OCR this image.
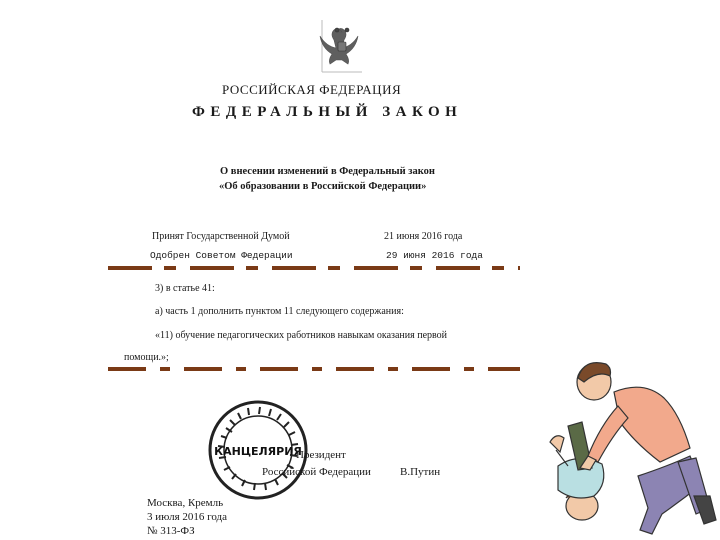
РОССИЙСКАЯ ФЕДЕРАЦИЯ
ФЕДЕРАЛЬНЫЙ ЗАКОН
О внесении изменений в Федеральный закон
«Об образовании в Российской Федерации»
Принят Государственной Думой	21 июня 2016 года
Одобрен Советом Федерации	29 июня 2016 года
3) в статье 41:
а) часть 1 дополнить пунктом 11 следующего содержания:
«11) обучение педагогических работников навыкам оказания первой
помощи.»;
КАНЦЕЛЯРИЯ
Президент
Российской Федерации	В.Путин
Москва, Кремль
3 июля 2016 года
№ 313-ФЗ
